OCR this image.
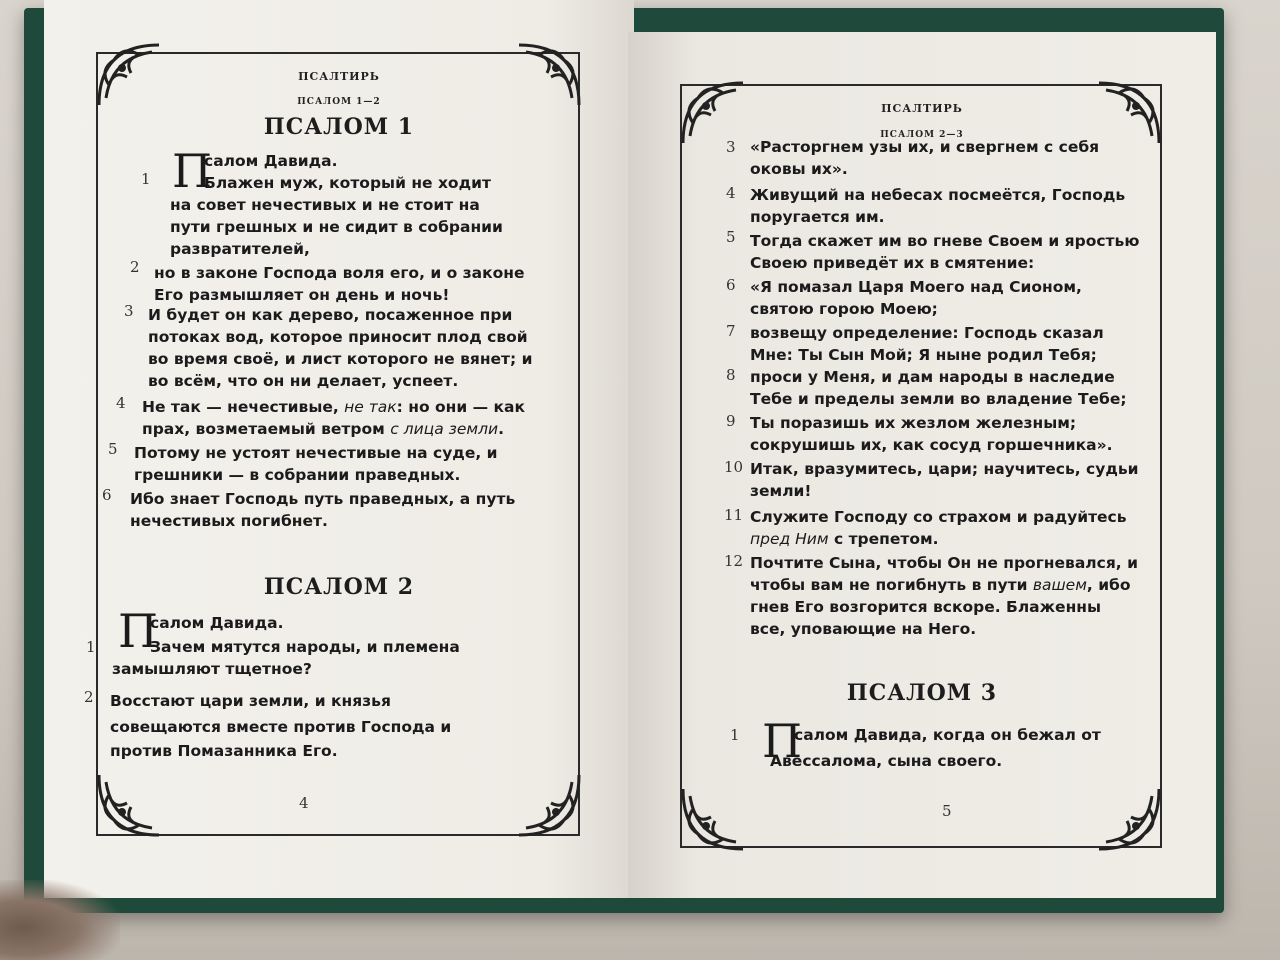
ПСАЛТИРЬ
ПСАЛОМ 1—2
ПСАЛОМ 1
П
салом Давида.
1	Блажен муж, который не ходит
на совет нечестивых и не стоит на
пути грешных и не сидит в собрании
развратителей,
2 но в законе Господа воля его, и о законе
Его размышляет он день и ночь!
3 И будет он как дерево, посаженное при
потоках вод, которое приносит плод свой
во время своё, и лист которого не вянет; и
во всём, что он ни делает, успеет.
4 Не так — нечестивые, не так: но они — как
прах, возметаемый ветром с лица земли.
5 Потому не устоят нечестивые на суде, и
грешники — в собрании праведных.
6 Ибо знает Господь путь праведных, а путь
нечестивых погибнет.
ПСАЛОМ 2
П
салом Давида.
1	Зачем мятутся народы, и племена
замышляют тщетное?
2 Восстают цари земли, и князья
совещаются вместе против Господа и
против Помазанника Его.
4
ПСАЛТИРЬ
ПСАЛОМ 2—3
3 «Расторгнем узы их, и свергнем с себя
оковы их».
4 Живущий на небесах посмеётся, Господь
поругается им.
5 Тогда скажет им во гневе Своем и яростью
Своею приведёт их в смятение:
6 «Я помазал Царя Моего над Сионом,
святою горою Моею;
7 возвещу определение: Господь сказал
Мне: Ты Сын Мой; Я ныне родил Тебя;
8 проси у Меня, и дам народы в наследие
Тебе и пределы земли во владение Тебе;
9 Ты поразишь их жезлом железным;
сокрушишь их, как сосуд горшечника».
10 Итак, вразумитесь, цари; научитесь, судьи
земли!
11 Служите Господу со страхом и радуйтесь
пред Ним с трепетом.
12 Почтите Сына, чтобы Он не прогневался, и
чтобы вам не погибнуть в пути вашем, ибо
гнев Его возгорится вскоре. Блаженны
все, уповающие на Него.
ПСАЛОМ 3
1 П
салом Давида, когда он бежал от
Авессалома, сына своего.
5
